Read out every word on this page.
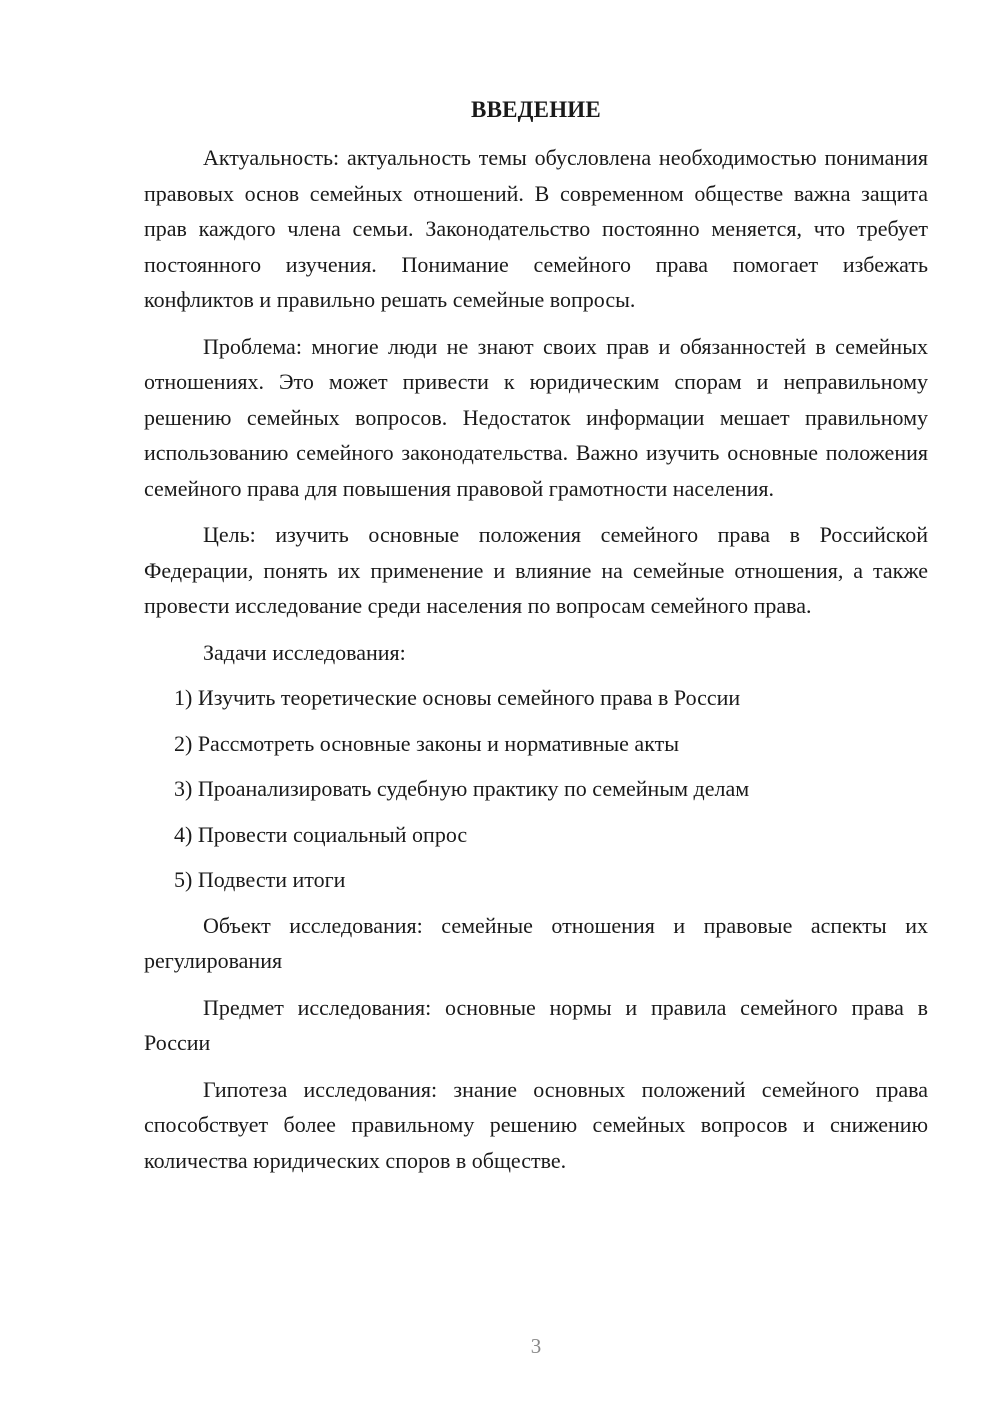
ВВЕДЕНИЕ

Актуальность: актуальность темы обусловлена необходимостью понимания правовых основ семейных отношений. В современном обществе важна защита прав каждого члена семьи. Законодательство постоянно меняется, что требует постоянного изучения. Понимание семейного права помогает избежать конфликтов и правильно решать семейные вопросы.

Проблема: многие люди не знают своих прав и обязанностей в семейных отношениях. Это может привести к юридическим спорам и неправильному решению семейных вопросов. Недостаток информации мешает правильному использованию семейного законодательства. Важно изучить основные положения семейного права для повышения правовой грамотности населения.

Цель: изучить основные положения семейного права в Российской Федерации, понять их применение и влияние на семейные отношения, а также провести исследование среди населения по вопросам семейного права.

Задачи исследования:

1) Изучить теоретические основы семейного права в России
2) Рассмотреть основные законы и нормативные акты
3) Проанализировать судебную практику по семейным делам
4) Провести социальный опрос
5) Подвести итоги

Объект исследования: семейные отношения и правовые аспекты их регулирования

Предмет исследования: основные нормы и правила семейного права в России

Гипотеза исследования: знание основных положений семейного права способствует более правильному решению семейных вопросов и снижению количества юридических споров в обществе.

3
